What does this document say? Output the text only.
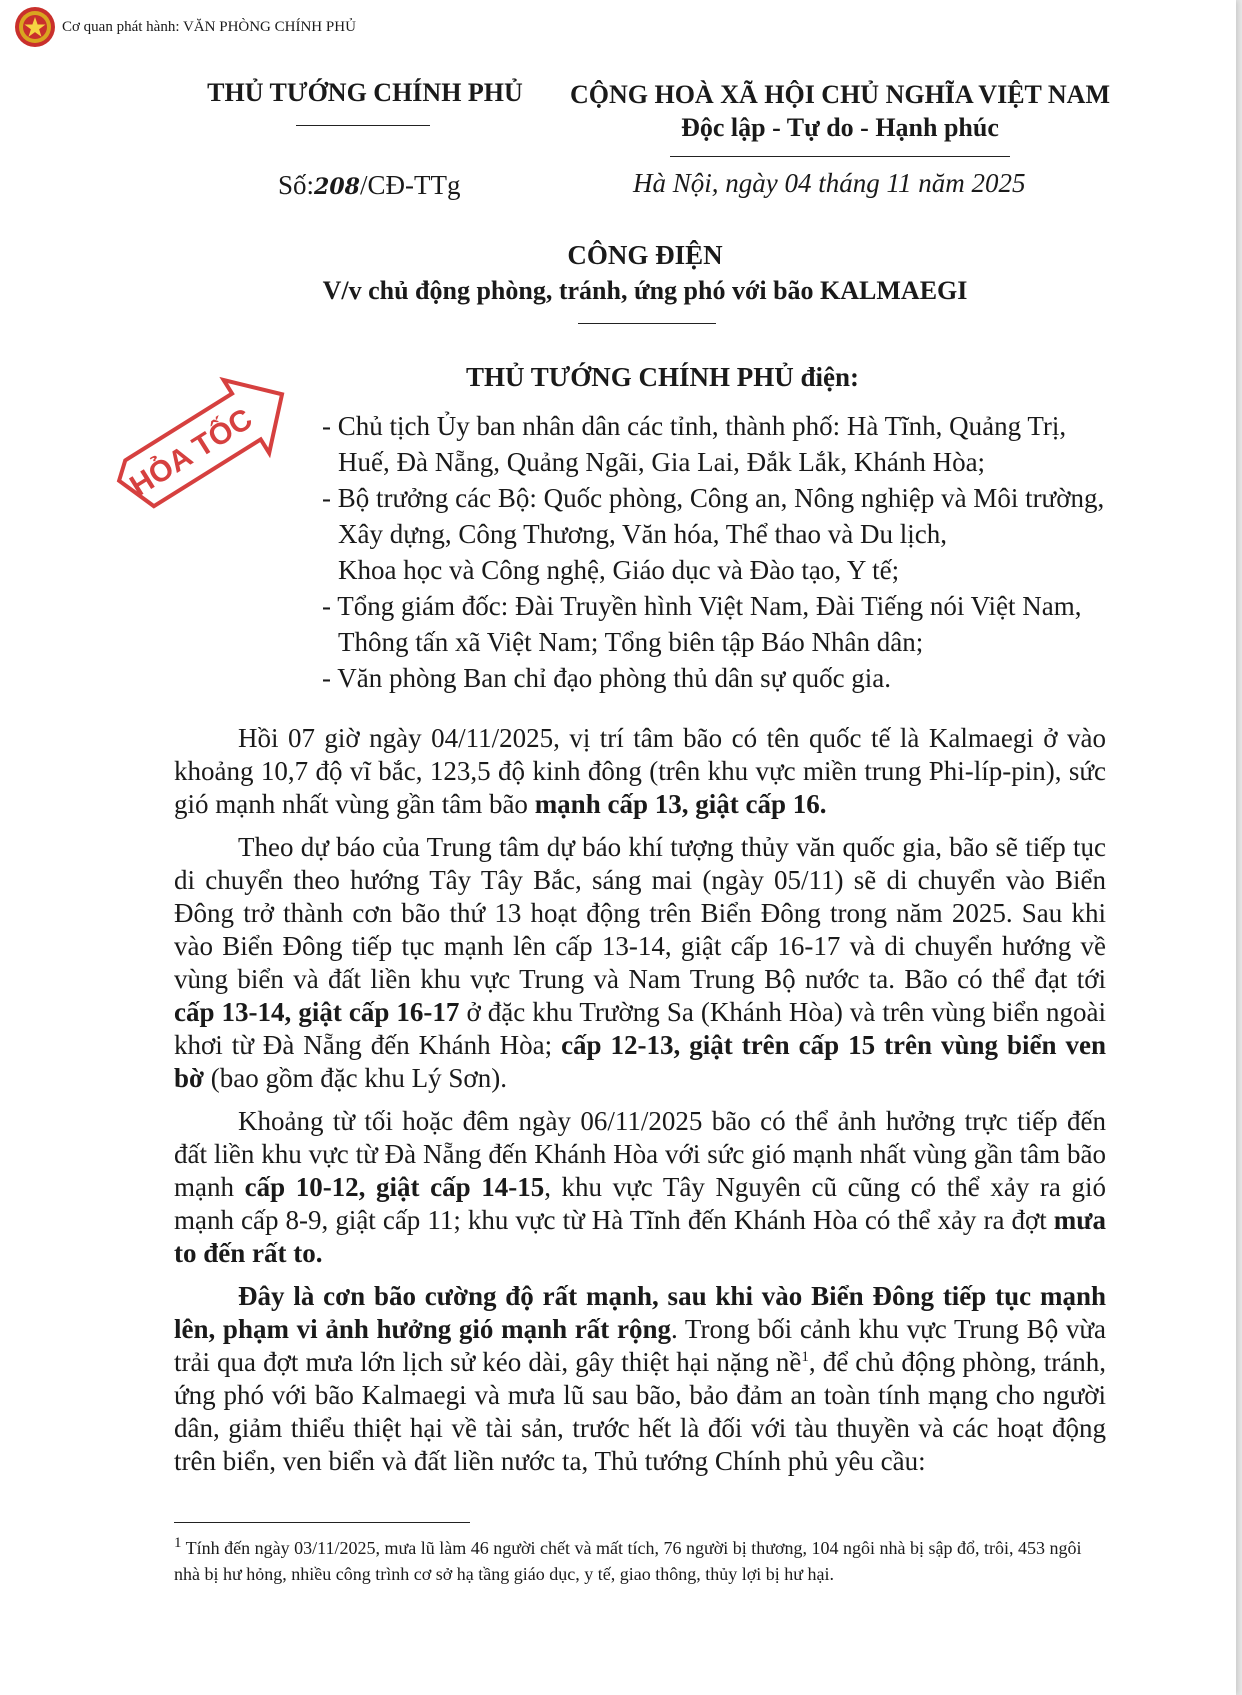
Cơ quan phát hành: VĂN PHÒNG CHÍNH PHỦ
THỦ TƯỚNG CHÍNH PHỦ	CỘNG HOÀ XÃ HỘI CHỦ NGHĨA VIỆT NAM
Độc lập - Tự do - Hạnh phúc
Số:208/CĐ-TTg	Hà Nội, ngày 04 tháng 11 năm 2025
CÔNG ĐIỆN
V/v chủ động phòng, tránh, ứng phó với bão KALMAEGI
HỎA TỐC
THỦ TƯỚNG CHÍNH PHỦ điện:

- Chủ tịch Ủy ban nhân dân các tỉnh, thành phố: Hà Tĩnh, Quảng Trị,

Huế, Đà Nẵng, Quảng Ngãi, Gia Lai, Đắk Lắk, Khánh Hòa;

- Bộ trưởng các Bộ: Quốc phòng, Công an, Nông nghiệp và Môi trường,

Xây dựng, Công Thương, Văn hóa, Thể thao và Du lịch,

Khoa học và Công nghệ, Giáo dục và Đào tạo, Y tế;

- Tổng giám đốc: Đài Truyền hình Việt Nam, Đài Tiếng nói Việt Nam,

Thông tấn xã Việt Nam; Tổng biên tập Báo Nhân dân;

- Văn phòng Ban chỉ đạo phòng thủ dân sự quốc gia.

Hồi 07 giờ ngày 04/11/2025, vị trí tâm bão có tên quốc tế là Kalmaegi ở vào khoảng 10,7 độ vĩ bắc, 123,5 độ kinh đông (trên khu vực miền trung Phi-líp-pin), sức gió mạnh nhất vùng gần tâm bão mạnh cấp 13, giật cấp 16.

Theo dự báo của Trung tâm dự báo khí tượng thủy văn quốc gia, bão sẽ tiếp tục di chuyển theo hướng Tây Tây Bắc, sáng mai (ngày 05/11) sẽ di chuyển vào Biển Đông trở thành cơn bão thứ 13 hoạt động trên Biển Đông trong năm 2025. Sau khi vào Biển Đông tiếp tục mạnh lên cấp 13-14, giật cấp 16-17 và di chuyển hướng về vùng biển và đất liền khu vực Trung và Nam Trung Bộ nước ta. Bão có thể đạt tới cấp 13-14, giật cấp 16-17 ở đặc khu Trường Sa (Khánh Hòa) và trên vùng biển ngoài khơi từ Đà Nẵng đến Khánh Hòa; cấp 12-13, giật trên cấp 15 trên vùng biển ven bờ (bao gồm đặc khu Lý Sơn).

Khoảng từ tối hoặc đêm ngày 06/11/2025 bão có thể ảnh hưởng trực tiếp đến đất liền khu vực từ Đà Nẵng đến Khánh Hòa với sức gió mạnh nhất vùng gần tâm bão mạnh cấp 10-12, giật cấp 14-15, khu vực Tây Nguyên cũ cũng có thể xảy ra gió mạnh cấp 8-9, giật cấp 11; khu vực từ Hà Tĩnh đến Khánh Hòa có thể xảy ra đợt mưa to đến rất to.

Đây là cơn bão cường độ rất mạnh, sau khi vào Biển Đông tiếp tục mạnh lên, phạm vi ảnh hưởng gió mạnh rất rộng. Trong bối cảnh khu vực Trung Bộ vừa trải qua đợt mưa lớn lịch sử kéo dài, gây thiệt hại nặng nề$^1$, để chủ động phòng, tránh, ứng phó với bão Kalmaegi và mưa lũ sau bão, bảo đảm an toàn tính mạng cho người dân, giảm thiểu thiệt hại về tài sản, trước hết là đối với tàu thuyền và các hoạt động trên biển, ven biển và đất liền nước ta, Thủ tướng Chính phủ yêu cầu:

$^1$ Tính đến ngày 03/11/2025, mưa lũ làm 46 người chết và mất tích, 76 người bị thương, 104 ngôi nhà bị sập đổ, trôi, 453 ngôi nhà bị hư hỏng, nhiều công trình cơ sở hạ tầng giáo dục, y tế, giao thông, thủy lợi bị hư hại.
